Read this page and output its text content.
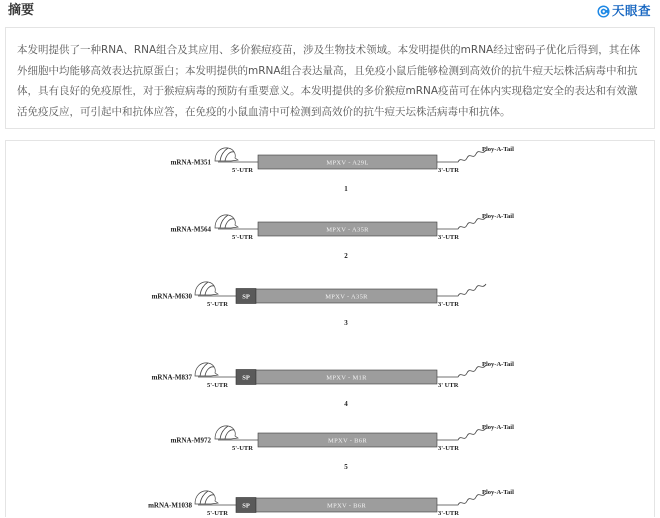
摘要	天眼查

本发明提供了一种RNA、RNA组合及其应用、多价猴痘疫苗，涉及生物技术领域。本发明提供的mRNA经过密码子优化后得到，其在体外细胞中均能够高效表达抗原蛋白；本发明提供的mRNA组合表达量高，且免疫小鼠后能够检测到高效价的抗牛痘天坛株活病毒中和抗体，具有良好的免疫原性，对于猴痘病毒的预防有重要意义。本发明提供的多价猴痘mRNA疫苗可在体内实现稳定安全的表达和有效激活免疫反应，可引起中和抗体应答，在免疫的小鼠血清中可检测到高效价的抗牛痘天坛株活病毒中和抗体。

mRNA-M351
5'-UTR
MPXV - A29L
3'-UTR
Ploy-A-Tail
1
mRNA-M564
5'-UTR
MPXV - A35R
3'-UTR
Ploy-A-Tail
2
mRNA-M630
5'-UTR
SP	MPXV - A35R
3'-UTR
3
mRNA-M837
5'-UTR
SP	MPXV - M1R
3' UTR
Ploy-A-Tail
4
mRNA-M972
5'-UTR
MPXV - B6R
3'-UTR
Ploy-A-Tail
5
mRNA-M1038
5'-UTR
SP	MPXV - B6R
3'-UTR
Ploy-A-Tail
